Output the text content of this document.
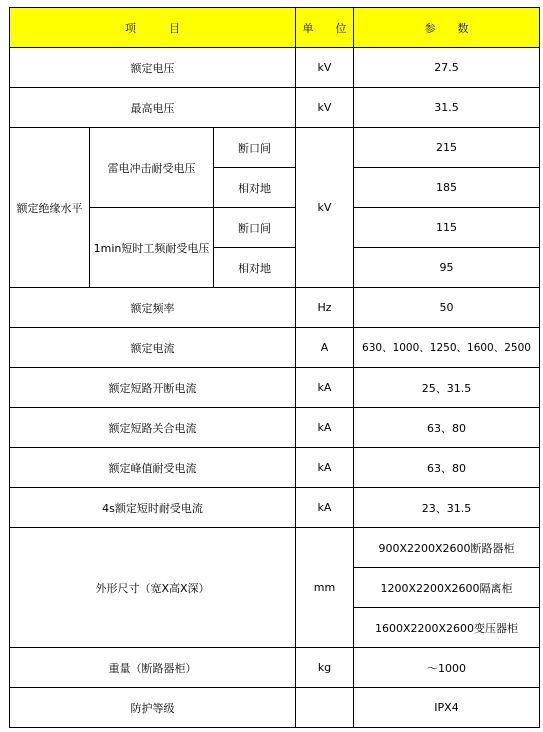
项　　　目			单　　位	参　　数
额定电压			kV	27.5
最高电压			kV	31.5
额定绝缘水平	雷电冲击耐受电压	断口间	kV	215
		相对地		185
	1min短时工频耐受电压	断口间		115
		相对地		95
额定频率			Hz	50
额定电流			A	630、1000、1250、1600、2500
额定短路开断电流			kA	25、31.5
额定短路关合电流			kA	63、80
额定峰值耐受电流			kA	63、80
4s额定短时耐受电流			kA	23、31.5
外形尺寸（宽X高X深）			mm	900X2200X2600断路器柜
				1200X2200X2600隔离柜
				1600X2200X2600变压器柜
重量（断路器柜）			kg	～1000
防护等级				IPX4
